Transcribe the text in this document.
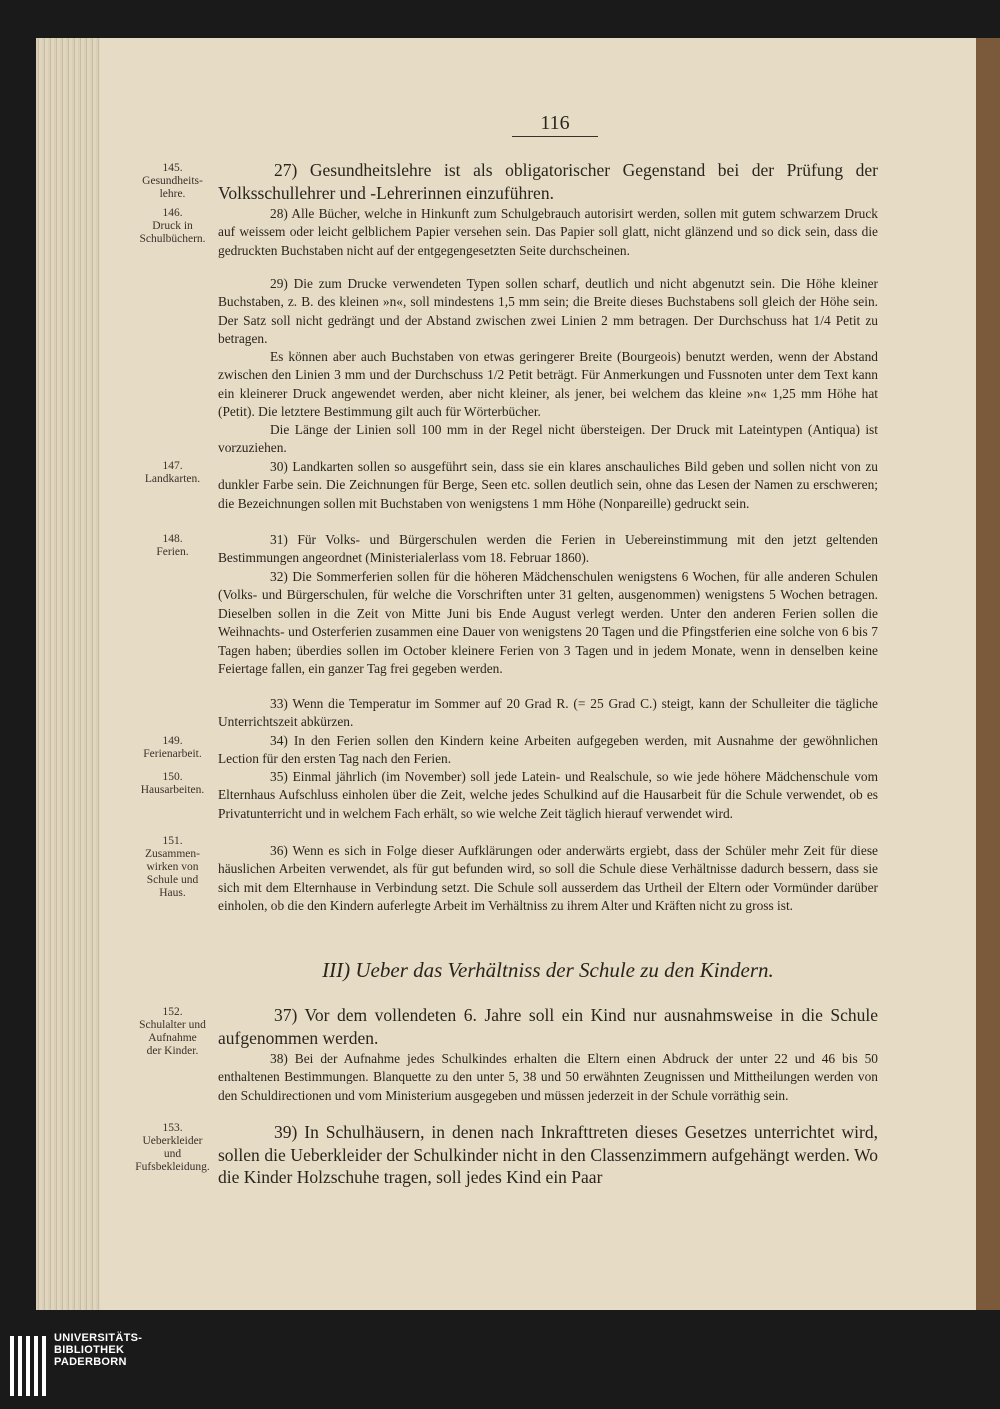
116
145.
Gesundheits-
lehre.
146.
Druck in
Schulbüchern.
147.
Landkarten.
148.
Ferien.
149.
Ferienarbeit.
150.
Hausarbeiten.
151.
Zusammen-
wirken von
Schule und
Haus.
152.
Schulalter und
Aufnahme
der Kinder.
153.
Ueberkleider
und
Fufsbekleidung.
27) Gesundheitslehre ist als obligatorischer Gegenstand bei der Prüfung der Volksschullehrer und -Lehrerinnen einzuführen.
28) Alle Bücher, welche in Hinkunft zum Schulgebrauch autorisirt werden, sollen mit gutem schwarzem Druck auf weissem oder leicht gelblichem Papier versehen sein. Das Papier soll glatt, nicht glänzend und so dick sein, dass die gedruckten Buchstaben nicht auf der entgegengesetzten Seite durchscheinen.
29) Die zum Drucke verwendeten Typen sollen scharf, deutlich und nicht abgenutzt sein. Die Höhe kleiner Buchstaben, z. B. des kleinen »n«, soll mindestens 1,5 mm sein; die Breite dieses Buchstabens soll gleich der Höhe sein. Der Satz soll nicht gedrängt und der Abstand zwischen zwei Linien 2 mm betragen. Der Durchschuss hat 1/4 Petit zu betragen.
Es können aber auch Buchstaben von etwas geringerer Breite (Bourgeois) benutzt werden, wenn der Abstand zwischen den Linien 3 mm und der Durchschuss 1/2 Petit beträgt. Für Anmerkungen und Fussnoten unter dem Text kann ein kleinerer Druck angewendet werden, aber nicht kleiner, als jener, bei welchem das kleine »n« 1,25 mm Höhe hat (Petit). Die letztere Bestimmung gilt auch für Wörterbücher.
Die Länge der Linien soll 100 mm in der Regel nicht übersteigen. Der Druck mit Lateintypen (Antiqua) ist vorzuziehen.
30) Landkarten sollen so ausgeführt sein, dass sie ein klares anschauliches Bild geben und sollen nicht von zu dunkler Farbe sein. Die Zeichnungen für Berge, Seen etc. sollen deutlich sein, ohne das Lesen der Namen zu erschweren; die Bezeichnungen sollen mit Buchstaben von wenigstens 1 mm Höhe (Nonpareille) gedruckt sein.
31) Für Volks- und Bürgerschulen werden die Ferien in Uebereinstimmung mit den jetzt geltenden Bestimmungen angeordnet (Ministerialerlass vom 18. Februar 1860).
32) Die Sommerferien sollen für die höheren Mädchenschulen wenigstens 6 Wochen, für alle anderen Schulen (Volks- und Bürgerschulen, für welche die Vorschriften unter 31 gelten, ausgenommen) wenigstens 5 Wochen betragen. Dieselben sollen in die Zeit von Mitte Juni bis Ende August verlegt werden. Unter den anderen Ferien sollen die Weihnachts- und Osterferien zusammen eine Dauer von wenigstens 20 Tagen und die Pfingstferien eine solche von 6 bis 7 Tagen haben; überdies sollen im October kleinere Ferien von 3 Tagen und in jedem Monate, wenn in denselben keine Feiertage fallen, ein ganzer Tag frei gegeben werden.
33) Wenn die Temperatur im Sommer auf 20 Grad R. (= 25 Grad C.) steigt, kann der Schulleiter die tägliche Unterrichtszeit abkürzen.
34) In den Ferien sollen den Kindern keine Arbeiten aufgegeben werden, mit Ausnahme der gewöhnlichen Lection für den ersten Tag nach den Ferien.
35) Einmal jährlich (im November) soll jede Latein- und Realschule, so wie jede höhere Mädchenschule vom Elternhaus Aufschluss einholen über die Zeit, welche jedes Schulkind auf die Hausarbeit für die Schule verwendet, ob es Privatunterricht und in welchem Fach erhält, so wie welche Zeit täglich hierauf verwendet wird.
36) Wenn es sich in Folge dieser Aufklärungen oder anderwärts ergiebt, dass der Schüler mehr Zeit für diese häuslichen Arbeiten verwendet, als für gut befunden wird, so soll die Schule diese Verhältnisse dadurch bessern, dass sie sich mit dem Elternhause in Verbindung setzt. Die Schule soll ausserdem das Urtheil der Eltern oder Vormünder darüber einholen, ob die den Kindern auferlegte Arbeit im Verhältniss zu ihrem Alter und Kräften nicht zu gross ist.
III) Ueber das Verhältniss der Schule zu den Kindern.
37) Vor dem vollendeten 6. Jahre soll ein Kind nur ausnahmsweise in die Schule aufgenommen werden.
38) Bei der Aufnahme jedes Schulkindes erhalten die Eltern einen Abdruck der unter 22 und 46 bis 50 enthaltenen Bestimmungen. Blanquette zu den unter 5, 38 und 50 erwähnten Zeugnissen und Mittheilungen werden von den Schuldirectionen und vom Ministerium ausgegeben und müssen jederzeit in der Schule vorräthig sein.
39) In Schulhäusern, in denen nach Inkrafttreten dieses Gesetzes unterrichtet wird, sollen die Ueberkleider der Schulkinder nicht in den Classenzimmern aufgehängt werden. Wo die Kinder Holzschuhe tragen, soll jedes Kind ein Paar
UNIVERSITÄTS-
BIBLIOTHEK
PADERBORN
